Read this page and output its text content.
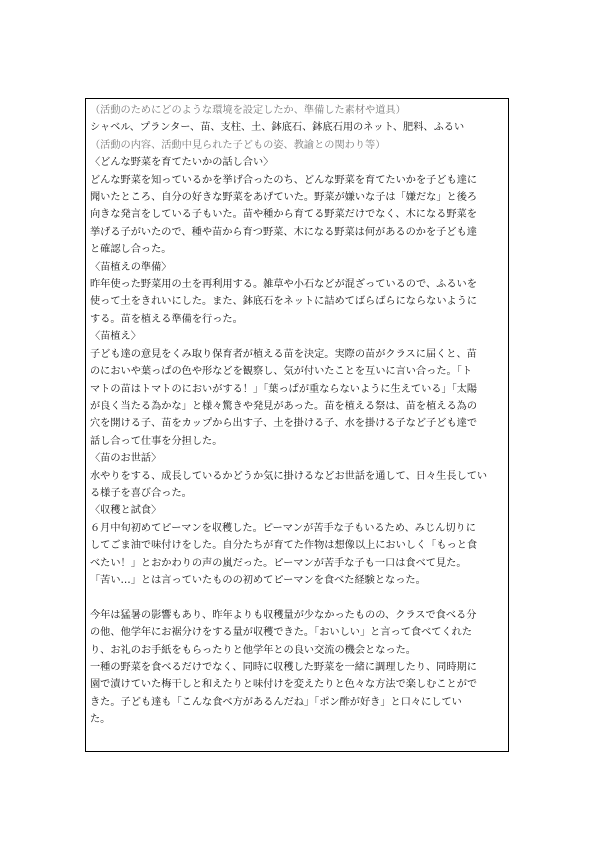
（活動のためにどのような環境を設定したか、準備した素材や道具）
シャベル、プランター、苗、支柱、土、鉢底石、鉢底石用のネット、肥料、ふるい
（活動の内容、活動中見られた子どもの姿、教諭との関わり等）
〈どんな野菜を育てたいかの話し合い〉
どんな野菜を知っているかを挙げ合ったのち、どんな野菜を育てたいかを子ども達に
聞いたところ、自分の好きな野菜をあげていた。野菜が嫌いな子は「嫌だな」と後ろ
向きな発言をしている子もいた。苗や種から育てる野菜だけでなく、木になる野菜を
挙げる子がいたので、種や苗から育つ野菜、木になる野菜は何があるのかを子ども達
と確認し合った。
〈苗植えの準備〉
昨年使った野菜用の土を再利用する。雑草や小石などが混ざっているので、ふるいを
使って土をきれいにした。また、鉢底石をネットに詰めてばらばらにならないように
する。苗を植える準備を行った。
〈苗植え〉
子ども達の意見をくみ取り保育者が植える苗を決定。実際の苗がクラスに届くと、苗
のにおいや葉っぱの色や形などを観察し、気が付いたことを互いに言い合った。「ト
マトの苗はトマトのにおいがする！」「葉っぱが重ならないように生えている」「太陽
が良く当たる為かな」と様々驚きや発見があった。苗を植える祭は、苗を植える為の
穴を開ける子、苗をカップから出す子、土を掛ける子、水を掛ける子など子ども達で
話し合って仕事を分担した。
〈苗のお世話〉
水やりをする、成長しているかどうか気に掛けるなどお世話を通して、日々生長してい
る様子を喜び合った。
〈収穫と試食〉
６月中旬初めてピーマンを収穫した。ピーマンが苦手な子もいるため、みじん切りに
してごま油で味付けをした。自分たちが育てた作物は想像以上においしく「もっと食
べたい！」とおかわりの声の嵐だった。ピーマンが苦手な子も一口は食べて見た。
「苦い…」とは言っていたものの初めてピーマンを食べた経験となった。
今年は猛暑の影響もあり、昨年よりも収穫量が少なかったものの、クラスで食べる分
の他、他学年にお裾分けをする量が収穫できた。「おいしい」と言って食べてくれた
り、お礼のお手紙をもらったりと他学年との良い交流の機会となった。
一種の野菜を食べるだけでなく、同時に収穫した野菜を一緒に調理したり、同時期に
園で漬けていた梅干しと和えたりと味付けを変えたりと色々な方法で楽しむことがで
きた。子ども達も「こんな食べ方があるんだね」「ポン酢が好き」と口々にしてい
た。
